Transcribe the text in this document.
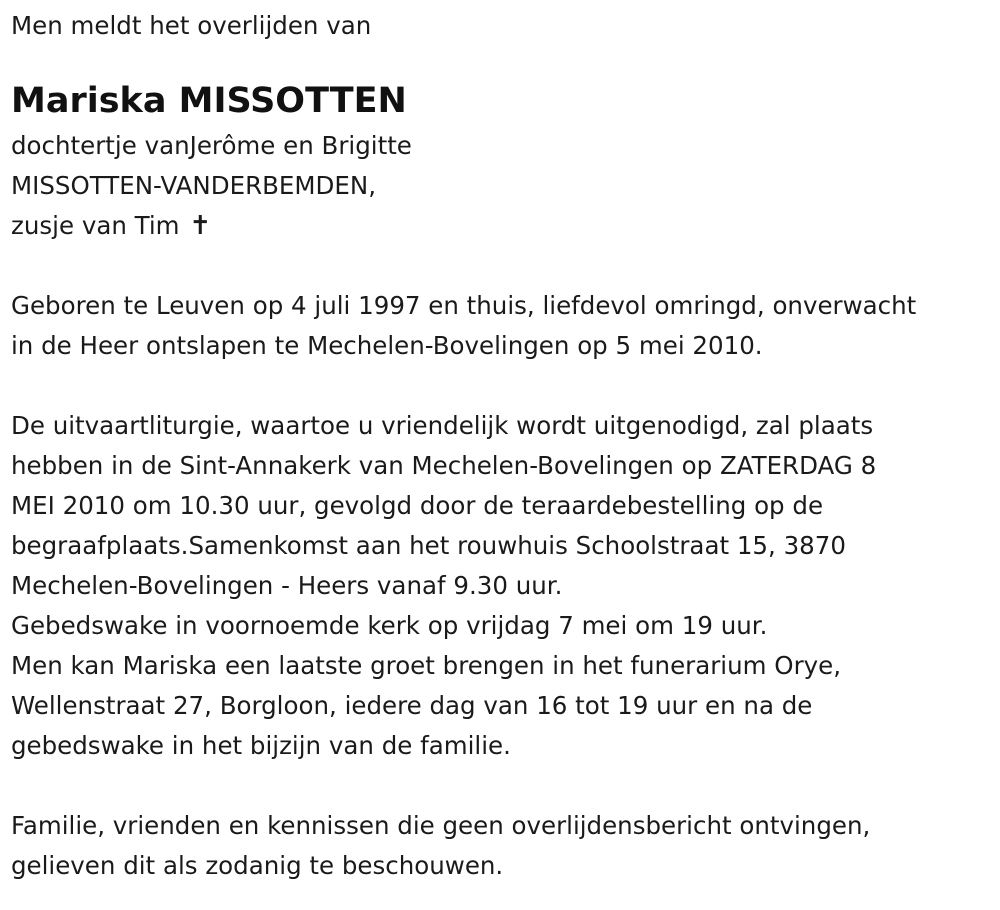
Men meldt het overlijden van
Mariska MISSOTTEN
dochtertje vanJerôme en Brigitte
MISSOTTEN-VANDERBEMDEN,
zusje van Tim ✝
Geboren te Leuven op 4 juli 1997 en thuis, liefdevol omringd, onverwacht
in de Heer ontslapen te Mechelen-Bovelingen op 5 mei 2010.
De uitvaartliturgie, waartoe u vriendelijk wordt uitgenodigd, zal plaats
hebben in de Sint-Annakerk van Mechelen-Bovelingen op ZATERDAG 8
MEI 2010 om 10.30 uur, gevolgd door de teraardebestelling op de
begraafplaats.Samenkomst aan het rouwhuis Schoolstraat 15, 3870
Mechelen-Bovelingen - Heers vanaf 9.30 uur.
Gebedswake in voornoemde kerk op vrijdag 7 mei om 19 uur.
Men kan Mariska een laatste groet brengen in het funerarium Orye,
Wellenstraat 27, Borgloon, iedere dag van 16 tot 19 uur en na de
gebedswake in het bijzijn van de familie.
Familie, vrienden en kennissen die geen overlijdensbericht ontvingen,
gelieven dit als zodanig te beschouwen.
